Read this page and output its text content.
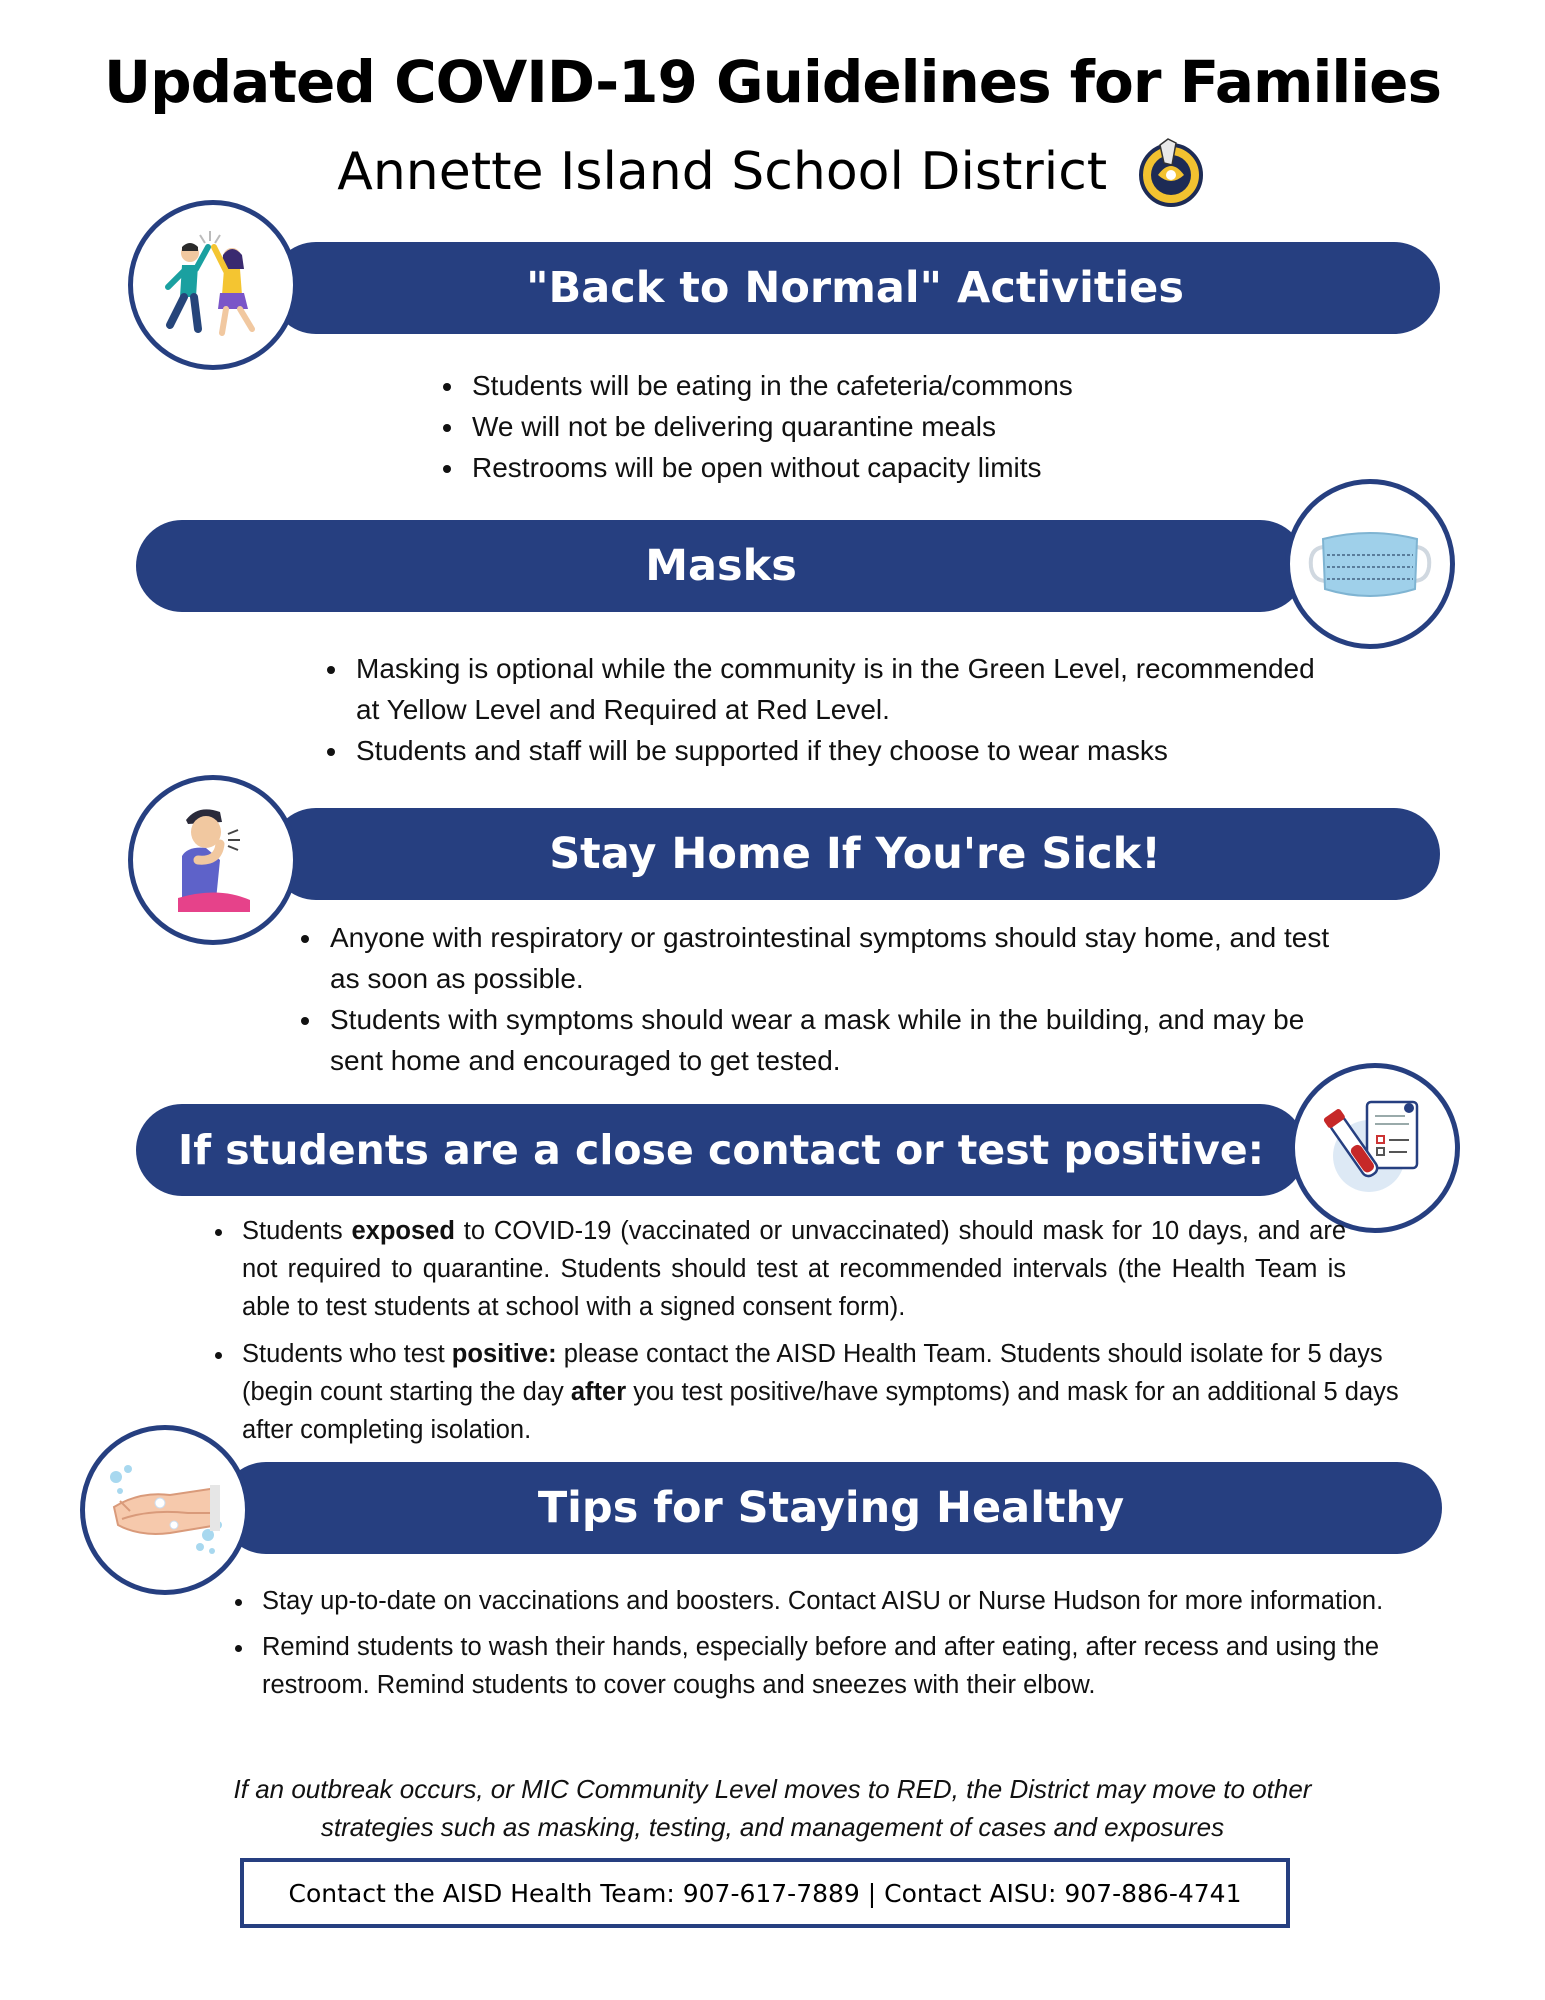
Updated COVID-19 Guidelines for Families
Annette Island School District
"Back to Normal" Activities
• Students will be eating in the cafeteria/commons
• We will not be delivering quarantine meals
• Restrooms will be open without capacity limits
Masks
• Masking is optional while the community is in the Green Level, recommended at Yellow Level and Required at Red Level.
• Students and staff will be supported if they choose to wear masks
Stay Home If You're Sick!
• Anyone with respiratory or gastrointestinal symptoms should stay home, and test as soon as possible.
• Students with symptoms should wear a mask while in the building, and may be sent home and encouraged to get tested.
If students are a close contact or test positive:
• Students exposed to COVID-19 (vaccinated or unvaccinated) should mask for 10 days, and are not required to quarantine. Students should test at recommended intervals (the Health Team is able to test students at school with a signed consent form).
• Students who test positive: please contact the AISD Health Team. Students should isolate for 5 days (begin count starting the day after you test positive/have symptoms) and mask for an additional 5 days after completing isolation.
Tips for Staying Healthy
• Stay up-to-date on vaccinations and boosters. Contact AISU or Nurse Hudson for more information.
• Remind students to wash their hands, especially before and after eating, after recess and using the restroom. Remind students to cover coughs and sneezes with their elbow.
If an outbreak occurs, or MIC Community Level moves to RED, the District may move to other
strategies such as masking, testing, and management of cases and exposures
Contact the AISD Health Team: 907-617-7889 | Contact AISU: 907-886-4741
